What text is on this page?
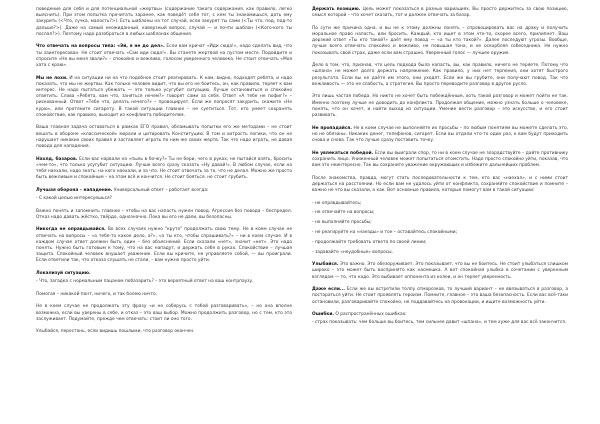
поведение для себя и для потенциальной «жертвы» (содержание такого содержания, как правило, легко выяснить). При этом попытка прочитать заранее, как поведёт себя тот, с кем ты знакомишься, дать ему закурить (<Что, сучка, малость?>). Есть шаблоны на тот случай, если закурят ты сами (<Ты что, под, под-то дальше?>). Даже на самый неожиданный, каверзный вопрос, случай — и почти шаблон (<Кого-кого ты послал?>). Поэтому надо разобраться в любых шаблонах общения.

Что отвечать на вопросы типа: «Эй, я не до дел». Если вам кричат «Иди сюда!», надо сделать вид, что ты заинтересован. Не стоит отвечать «Сам иди сюда!». Вы станете жертвой на пустом месте. Подойдите и спросите «Не вы меня звали?» – спокойно и вежливо, голосом уверенного человека. Не стоит отвечать «Моя хата с краю».

Мы не лохи. И на ситуации ни на что подобное стоит реагировать. К нам, видно, подходят ребята, и надо показать, что мы не жертвы. Как только человек видит, что вы его не боитесь, он, как правило, теряет к вам интерес. Не надо пытаться убежать — это только усугубит ситуацию. Лучше остановиться и спокойно ответить. Слова «Ребята, вам что, заняться нечем?» говорят сами за себя. Ответ «А тебе не пофиг?» – рискованный. Ответ «Тебе что, делать нечего?» – провоцирует. Если же попросят закурить, скажите «Не курю», или протяните сигарету. В такой ситуации главное – не суетиться. Тот, кто умеет сохранять спокойствие, как правило, выходит из конфликта победителем.

Ваша главная задача оставаться в рамках ЕГО правил, обламывать попытки его же методами – не стоит вешать в обороне «классической» морали и цитировать Конституцию. В том и хитрость логики, что он не нарушает никаких своих правил и заставляет играть по ним же своих жертв. Так что надо играть, не давая повода для нападения.

Нахлд, базаров. Если вас нарвали на «пыль в бочку?» Ты не бери, чего в руках, не пытайся взять, бросить «чем-то», что только усугубит ситуацию. Лучше всего сразу сказать «Ну давай!». В любом случае, если на тебя наехали, надо знать: на кого наехали, и за что. Не стоит отвечать за то, что не делал. Можно же просто быть вежливым и спокойным – на этом всё и кончится. Не стоит бояться, не стоит грубить.

Лучшая оборона – нападение. Универсальный ответ – работает всегда:

- С какой целью интересуешься?

Важно понять и запомнить главное – чтобы на вас напасть нужен повод. Агрессия без повода – беспредел. Отказ надо давать жёстко, твёрдо, однозначно. Пока вы его не дали, вы безопасны.

Никогда не оправдывайся. Во всех случаях нужно "круто" продолжать свою тему. Не в коем случае не отвечать на вопросы – «а тебе-то какое дело, а?», «а ты кто, чтобы спрашивать?» – ни в коем случае. И в каждом случае ответ должен быть один – без объяснений. Если сказали «нет», значит «нет». Это надо понять. Нужно быть готовым к тому, что на вас нападут, и держать себя в руках. Спокойствие – лучшая защита. Спокойный человек внушает уважение. Если вы кричите, не управляете собой, — вы проиграли. Если ответили так, что отказа слушать не стали, – вам нужно просто уйти.

Локализуй ситуацию.

- Что, загадка с нормальным пацаном побазарить? – это вероятный ответ на ваш контрпаузу.

Помогая – никакой понт, ничего, и так болею ничто.

Не в коем случае не продолжать эту фразу «и не соберусь с тобой разговаривать», – но она вполне возможна, если вы уверены в себе, и отказ – это ваш выбор. Можно продолжить разговор, но с тем, кто это заслуживает. Подумайте, прежде чем отвечать: стоит ли оно того.

Улыбайся, перестань, если видишь пошлыми, что разговор окончен.

Держать позицию. Цель может показаться в разных вариациях. Вы просто держитесь за свою позицию, смысл которой – что хочет сказать, тот и должен отвечать за базар.

По сути же причина одна, и вы не к этому должны понять – спровоцировать вас на драку и получить моральное право напасть, или бросить. Каждый, кто ищет в этом что-то, скорее всего, прилипнет. Ваш дерзкий ответ «Ты кто такой?» даёт ему повод — «а ты кто такой?». Далее последуют угрозы. Вообще, лучше всего отвечать спокойно и вежливо, не повышая тона, и не оскорбляя собеседника. Не нужно показывать свой страх, даже если вам страшно. Уверенный голос — лучшее оружие.

Дело в том, что, признав, что цель подхода была напасть, вы, как правило, ничего не теряете. Потому что «шпана» не может долго держать напряжение. Как правило, у них нет терпения, они хотят быстрого результата. Если вы не даёте им этого, они уходят. Если же вы грубите, они получают повод. Так что вежливость — это не слабость, а стратегия. Вы просто переводите разговор в другое русло.

Это лишь частая победа. Но никто не хочет быть побеждённым, хоть такой разговор и может пойти не так. Именно поэтому лучше не доводить до конфликта. Продолжая общение, можно узнать больше о человеке, понять, что он хочет, и найти выход из ситуации. Умение вести разговор – это искусство, и его стоит развивать.

Не пропадайся. Не в коем случае не выполняйте их просьбы – по любым понятиям вы можете сделать это, но не обязаны. Никаких денег, телефонов, сигарет. Если вы отдали что-то один раз, к вам будут приходить снова и снова. Так что лучше сразу поставить точку.

Не увлекаться победой. Если вы выиграли спор, то ни в коем случае не злорадствуйте – дайте противнику сохранить лицо. Униженный человек может попытаться отомстить. Надо просто спокойно уйти, показав, что вам это неинтересно. Так вы сохраните уважение окружающих и избежите дальнейших проблем.

После знакомства, правда, могут стать последовательности к тем, кто вас «наехал», и с ними стоит держаться на расстоянии. Но если вам не удалось уйти от конфликта, сохраняйте спокойствие и помните – важно не что вы сказали, а как. Вот основные правила, которые помогут вам в такой ситуации:

- не оправдывайтесь;

- не отвечайте на вопросы;

- не выполняйте просьбы;

- не реагируйте на «наезды» и тон – оставайтесь спокойными;

- продолжайте требовать ответа по своей линии;

- задавайте «неудобные» вопросы.

Улыбайся. Это важно. Это обезоруживает. Это показывает, что вы не боитесь. Не стоит улыбаться слишком широко – это может быть воспринято как насмешка. А вот спокойная улыбка в сочетании с уверенным взглядом — то, что надо. Это выбивает оппонента из колеи, и он теряет уверенность.

Даже если... Если же вы встретили толпу отморозков, то лучший вариант – не ввязываться в разговор, а постараться уйти. Не стоит проявлять героизм. Помните, главное – это ваша безопасность. Если вас всё-таки остановили, разговаривайте спокойно, не поддавайтесь на провокации, и ищите возможность уйти.

Ошибки. О распространённых ошибках:

- страх показывать: чем больше вы боитесь, тем сильнее давит «шпана», и тем хуже для вас всё закончится.
